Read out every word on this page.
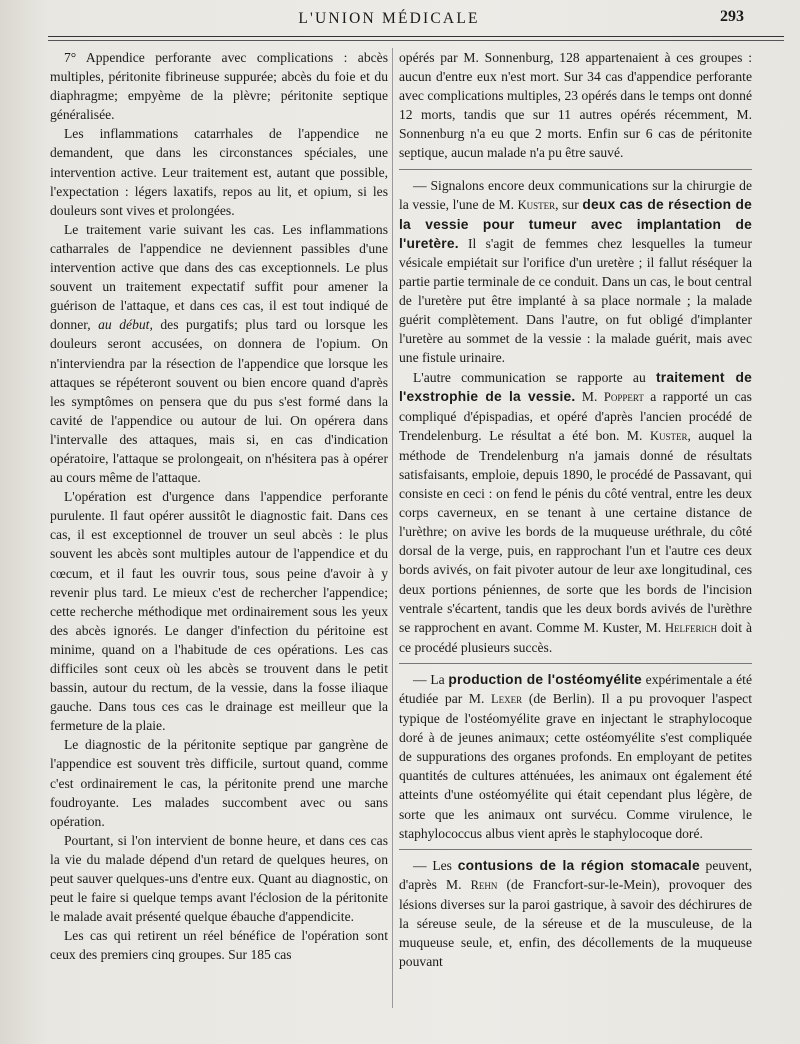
L'UNION MÉDICALE	293

7° Appendice perforante avec complications : abcès multiples, péritonite fibrineuse suppurée; abcès du foie et du diaphragme; empyème de la plèvre; péritonite septique généralisée.

Les inflammations catarrhales de l'appendice ne demandent, que dans les circonstances spéciales, une intervention active. Leur traitement est, autant que possible, l'expectation : légers laxatifs, repos au lit, et opium, si les douleurs sont vives et prolongées.

Le traitement varie suivant les cas. Les inflammations catharrales de l'appendice ne deviennent passibles d'une intervention active que dans des cas exceptionnels. Le plus souvent un traitement expectatif suffit pour amener la guérison de l'attaque, et dans ces cas, il est tout indiqué de donner, au début, des purgatifs; plus tard ou lorsque les douleurs seront accusées, on donnera de l'opium. On n'interviendra par la résection de l'appendice que lorsque les attaques se répéteront souvent ou bien encore quand d'après les symptômes on pensera que du pus s'est formé dans la cavité de l'appendice ou autour de lui. On opérera dans l'intervalle des attaques, mais si, en cas d'indication opératoire, l'attaque se prolongeait, on n'hésitera pas à opérer au cours même de l'attaque.

L'opération est d'urgence dans l'appendice perforante purulente. Il faut opérer aussitôt le diagnostic fait. Dans ces cas, il est exceptionnel de trouver un seul abcès : le plus souvent les abcès sont multiples autour de l'appendice et du cœcum, et il faut les ouvrir tous, sous peine d'avoir à y revenir plus tard. Le mieux c'est de rechercher l'appendice; cette recherche méthodique met ordinairement sous les yeux des abcès ignorés. Le danger d'infection du péritoine est minime, quand on a l'habitude de ces opérations. Les cas difficiles sont ceux où les abcès se trouvent dans le petit bassin, autour du rectum, de la vessie, dans la fosse iliaque gauche. Dans tous ces cas le drainage est meilleur que la fermeture de la plaie.

Le diagnostic de la péritonite septique par gangrène de l'appendice est souvent très difficile, surtout quand, comme c'est ordinairement le cas, la péritonite prend une marche foudroyante. Les malades succombent avec ou sans opération.

Pourtant, si l'on intervient de bonne heure, et dans ces cas la vie du malade dépend d'un retard de quelques heures, on peut sauver quelques-uns d'entre eux. Quant au diagnostic, on peut le faire si quelque temps avant l'éclosion de la péritonite le malade avait présenté quelque ébauche d'appendicite.

Les cas qui retirent un réel bénéfice de l'opération sont ceux des premiers cinq groupes. Sur 185 cas

opérés par M. Sonnenburg, 128 appartenaient à ces groupes : aucun d'entre eux n'est mort. Sur 34 cas d'appendice perforante avec complications multiples, 23 opérés dans le temps ont donné 12 morts, tandis que sur 11 autres opérés récemment, M. Sonnenburg n'a eu que 2 morts. Enfin sur 6 cas de péritonite septique, aucun malade n'a pu être sauvé.

— Signalons encore deux communications sur la chirurgie de la vessie, l'une de M. Kuster, sur deux cas de résection de la vessie pour tumeur avec implantation de l'uretère. Il s'agit de femmes chez lesquelles la tumeur vésicale empiétait sur l'orifice d'un uretère ; il fallut réséquer la partie partie terminale de ce conduit. Dans un cas, le bout central de l'uretère put être implanté à sa place normale ; la malade guérit complètement. Dans l'autre, on fut obligé d'implanter l'uretère au sommet de la vessie : la malade guérit, mais avec une fistule urinaire.

L'autre communication se rapporte au traitement de l'exstrophie de la vessie. M. Poppert a rapporté un cas compliqué d'épispadias, et opéré d'après l'ancien procédé de Trendelenburg. Le résultat a été bon. M. Kuster, auquel la méthode de Trendelenburg n'a jamais donné de résultats satisfaisants, emploie, depuis 1890, le procédé de Passavant, qui consiste en ceci : on fend le pénis du côté ventral, entre les deux corps caverneux, en se tenant à une certaine distance de l'urèthre; on avive les bords de la muqueuse uréthrale, du côté dorsal de la verge, puis, en rapprochant l'un et l'autre ces deux bords avivés, on fait pivoter autour de leur axe longitudinal, ces deux portions péniennes, de sorte que les bords de l'incision ventrale s'écartent, tandis que les deux bords avivés de l'urèthre se rapprochent en avant. Comme M. Kuster, M. Helferich doit à ce procédé plusieurs succès.

— La production de l'ostéomyélite expérimentale a été étudiée par M. Lexer (de Berlin). Il a pu provoquer l'aspect typique de l'ostéomyélite grave en injectant le straphylocoque doré à de jeunes animaux; cette ostéomyélite s'est compliquée de suppurations des organes profonds. En employant de petites quantités de cultures atténuées, les animaux ont également été atteints d'une ostéomyélite qui était cependant plus légère, de sorte que les animaux ont survécu. Comme virulence, le staphylococcus albus vient après le staphylocoque doré.

— Les contusions de la région stomacale peuvent, d'après M. Rehn (de Francfort-sur-le-Mein), provoquer des lésions diverses sur la paroi gastrique, à savoir des déchirures de la séreuse seule, de la séreuse et de la musculeuse, de la muqueuse seule, et, enfin, des décollements de la muqueuse pouvant
